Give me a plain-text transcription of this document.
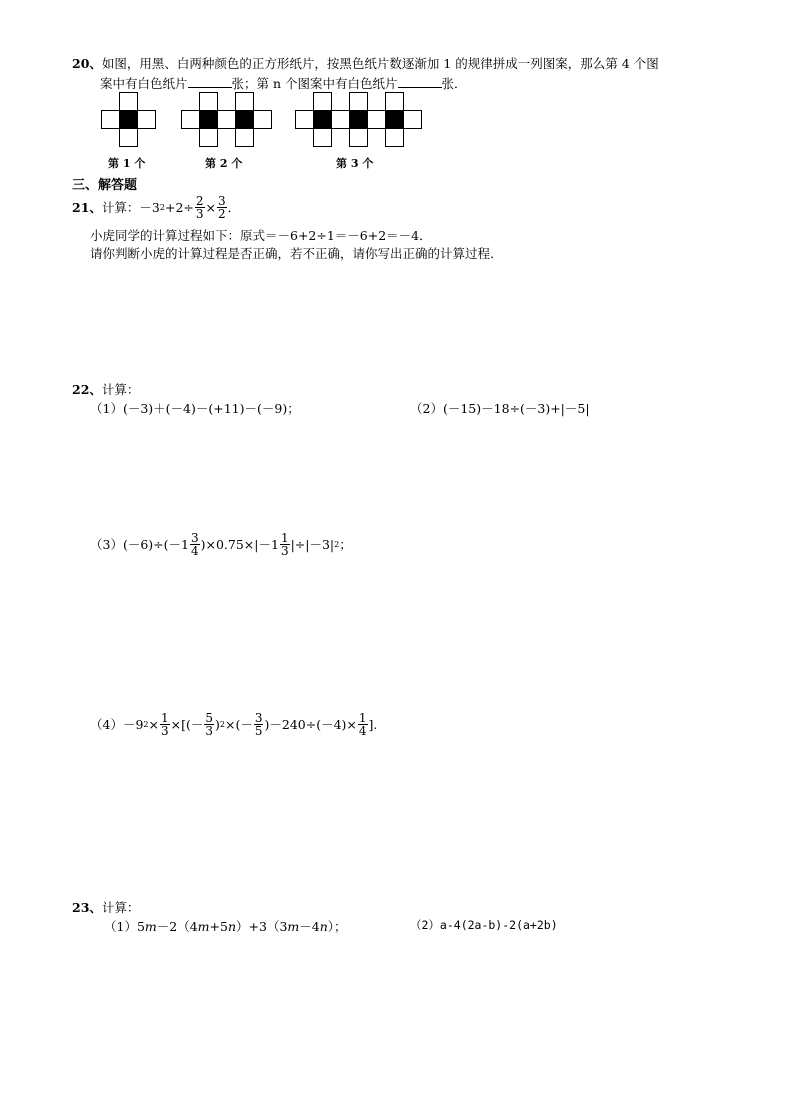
20、如图，用黑、白两种颜色的正方形纸片，按黑色纸片数逐渐加 1 的规律拼成一列图案，那么第 4 个图
案中有白色纸片	张；第 n 个图案中有白色纸片	张．
第 1 个	第 2 个	第 3 个
三、解答题
21、 计算： －3 $2 +2\div \frac{2}{3} \times \frac{3}{2}$ ．
小虎同学的计算过程如下：原式＝－6+2÷1＝－6+2＝－4．
请你判断小虎的计算过程是否正确，若不正确，请你写出正确的计算过程．
22、计算：
（1）(－3)＋(－4)－(+11)－(－9)；	（2）(－15)－18÷(－3)+|－5|
$(3)(-6)\div(-1 \frac{3}{4} )\times 0.75\times|-1 \frac{1}{3} |\div|-3|$ 2 ；
（4）－9 $2 \times \frac{1}{3}$ ×[(－ $\frac{5}{3}$ ) 2 ×(－ $\frac{3}{5} )-240\div(-4)\times \frac{1}{4}$ ].
23、计算：
（1）5m－2（4m+5n）+3（3m－4n）；	（2）a-4(2a-b)-2(a+2b)
